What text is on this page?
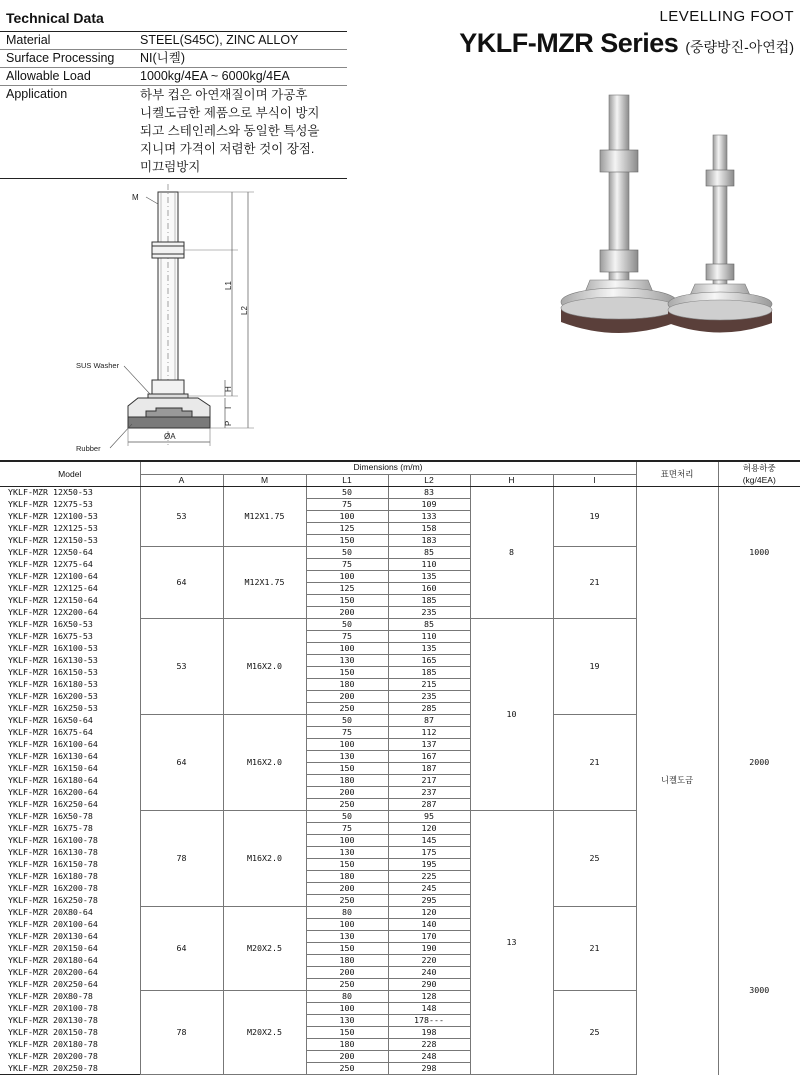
Technical Data
Material	STEEL(S45C), ZINC ALLOY
Surface Processing	NI(니켈)
Allowable Load	1000kg/4EA ~ 6000kg/4EA
Application	하부 컵은 아연재질이며 가공후
니켈도금한 제품으로 부식이 방지
되고 스테인레스와 동일한 특성을
지니며 가격이 저렴한 것이 장점.
미끄럼방지
LEVELLING FOOT
YKLF-MZR Series (중량방진-아연컵)
M
L1
L2
H
I
P
ØA
SUS Washer
Rubber
Model	Dimensions (m/m)						표면처리	허용하중
(kg/4EA)
	A	M	L1	L2	H	I		
YKLF-MZR 12X50-53	53	M12X1.75	50	83	8	19	니켈도금	1000
YKLF-MZR 12X75-53			75	109				
YKLF-MZR 12X100-53			100	133				
YKLF-MZR 12X125-53			125	158				
YKLF-MZR 12X150-53			150	183				
YKLF-MZR 12X50-64	64	M12X1.75	50	85		21		
YKLF-MZR 12X75-64			75	110				
YKLF-MZR 12X100-64			100	135				
YKLF-MZR 12X125-64			125	160				
YKLF-MZR 12X150-64			150	185				
YKLF-MZR 12X200-64			200	235				
YKLF-MZR 16X50-53	53	M16X2.0	50	85	10	19		2000
YKLF-MZR 16X75-53			75	110				
YKLF-MZR 16X100-53			100	135				
YKLF-MZR 16X130-53			130	165				
YKLF-MZR 16X150-53			150	185				
YKLF-MZR 16X180-53			180	215				
YKLF-MZR 16X200-53			200	235				
YKLF-MZR 16X250-53			250	285				
YKLF-MZR 16X50-64	64	M16X2.0	50	87		21		
YKLF-MZR 16X75-64			75	112				
YKLF-MZR 16X100-64			100	137				
YKLF-MZR 16X130-64			130	167				
YKLF-MZR 16X150-64			150	187				
YKLF-MZR 16X180-64			180	217				
YKLF-MZR 16X200-64			200	237				
YKLF-MZR 16X250-64			250	287				
YKLF-MZR 16X50-78	78	M16X2.0	50	95	13	25		
YKLF-MZR 16X75-78			75	120				
YKLF-MZR 16X100-78			100	145				
YKLF-MZR 16X130-78			130	175				
YKLF-MZR 16X150-78			150	195				
YKLF-MZR 16X180-78			180	225				
YKLF-MZR 16X200-78			200	245				
YKLF-MZR 16X250-78			250	295				
YKLF-MZR 20X80-64	64	M20X2.5	80	120		21		3000
YKLF-MZR 20X100-64			100	140				
YKLF-MZR 20X130-64			130	170				
YKLF-MZR 20X150-64			150	190				
YKLF-MZR 20X180-64			180	220				
YKLF-MZR 20X200-64			200	240				
YKLF-MZR 20X250-64			250	290				
YKLF-MZR 20X80-78	78	M20X2.5	80	128		25		
YKLF-MZR 20X100-78			100	148				
YKLF-MZR 20X130-78			130	178---				
YKLF-MZR 20X150-78			150	198				
YKLF-MZR 20X180-78			180	228				
YKLF-MZR 20X200-78			200	248				
YKLF-MZR 20X250-78			250	298				
